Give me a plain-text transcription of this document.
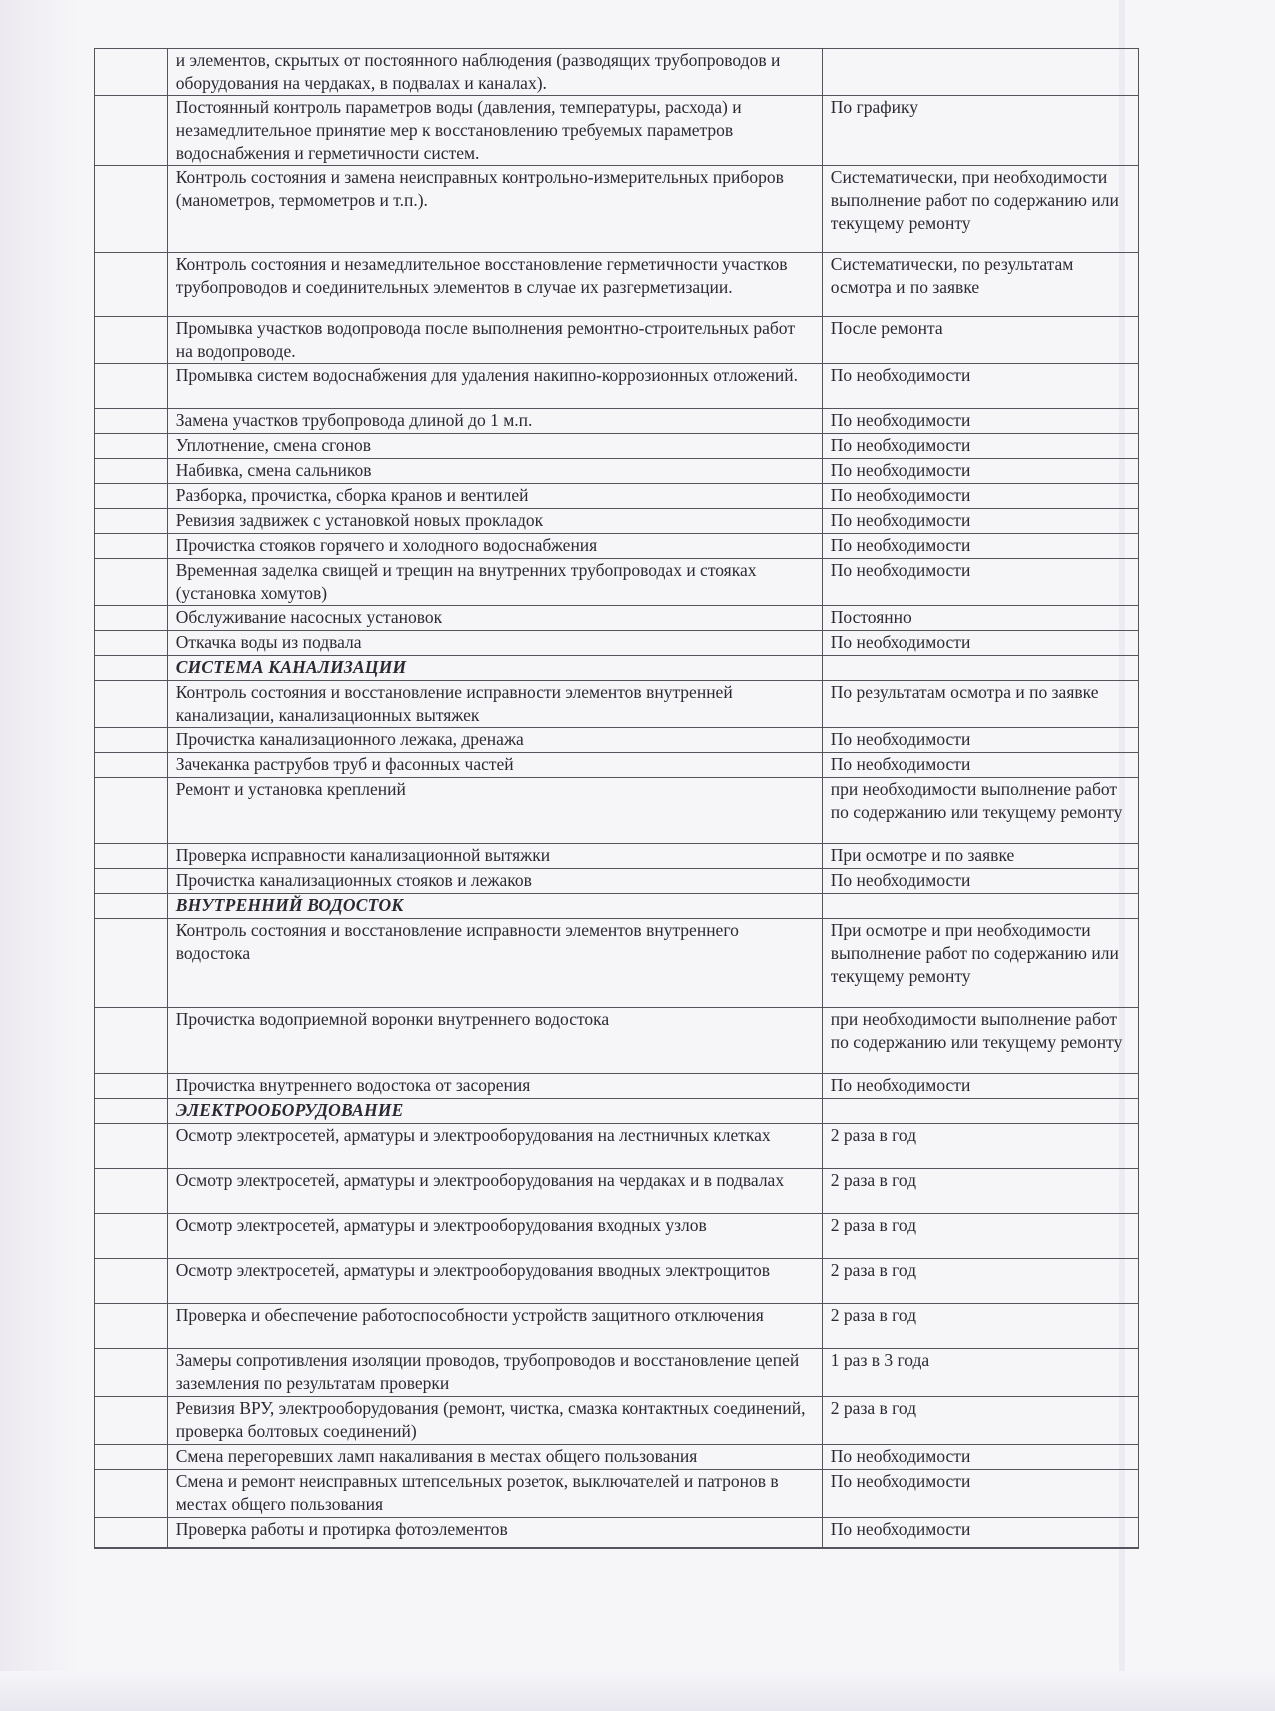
	и элементов, скрытых от постоянного наблюдения (разводящих трубопроводов и оборудования на чердаках, в подвалах и каналах).	
	Постоянный контроль параметров воды (давления, температуры, расхода) и незамедлительное принятие мер к восстановлению требуемых параметров водоснабжения и герметичности систем.	По графику
	Контроль состояния и замена неисправных контрольно-измерительных приборов (манометров, термометров и т.п.).	Систематически, при необходимости выполнение работ по содержанию или текущему ремонту
	Контроль состояния и незамедлительное восстановление герметичности участков трубопроводов и соединительных элементов в случае их разгерметизации.	Систематически, по результатам осмотра и по заявке
	Промывка участков водопровода после выполнения ремонтно-строительных работ на водопроводе.	После ремонта
	Промывка систем водоснабжения для удаления накипно-коррозионных отложений.	По необходимости
	Замена участков трубопровода длиной до 1 м.п.	По необходимости
	Уплотнение, смена сгонов	По необходимости
	Набивка, смена сальников	По необходимости
	Разборка, прочистка, сборка кранов и вентилей	По необходимости
	Ревизия задвижек с установкой новых прокладок	По необходимости
	Прочистка стояков горячего и холодного водоснабжения	По необходимости
	Временная заделка свищей и трещин на внутренних трубопроводах и стояках (установка хомутов)	По необходимости
	Обслуживание насосных установок	Постоянно
	Откачка воды из подвала	По необходимости
	СИСТЕМА КАНАЛИЗАЦИИ	
	Контроль состояния и восстановление исправности элементов внутренней канализации, канализационных вытяжек	По результатам осмотра и по заявке
	Прочистка канализационного лежака, дренажа	По необходимости
	Зачеканка раструбов труб и фасонных частей	По необходимости
	Ремонт и установка креплений	при необходимости выполнение работ по содержанию или текущему ремонту
	Проверка исправности канализационной вытяжки	При осмотре и по заявке
	Прочистка канализационных стояков и лежаков	По необходимости
	ВНУТРЕННИЙ ВОДОСТОК	
	Контроль состояния и восстановление исправности элементов внутреннего водостока	При осмотре и при необходимости выполнение работ по содержанию или текущему ремонту
	Прочистка водоприемной воронки внутреннего водостока	при необходимости выполнение работ по содержанию или текущему ремонту
	Прочистка внутреннего водостока от засорения	По необходимости
	ЭЛЕКТРООБОРУДОВАНИЕ	
	Осмотр электросетей, арматуры и электрооборудования на лестничных клетках	2 раза в год
	Осмотр электросетей, арматуры и электрооборудования на чердаках и в подвалах	2 раза в год
	Осмотр электросетей, арматуры и электрооборудования входных узлов	2 раза в год
	Осмотр электросетей, арматуры и электрооборудования вводных электрощитов	2 раза в год
	Проверка и обеспечение работоспособности устройств защитного отключения	2 раза в год
	Замеры сопротивления изоляции проводов, трубопроводов и восстановление цепей заземления по результатам проверки	1 раз в 3 года
	Ревизия ВРУ, электрооборудования (ремонт, чистка, смазка контактных соединений, проверка болтовых соединений)	2 раза в год
	Смена перегоревших ламп накаливания в местах общего пользования	По необходимости
	Смена и ремонт неисправных штепсельных розеток, выключателей и патронов в местах общего пользования	По необходимости
	Проверка работы и протирка фотоэлементов	По необходимости
